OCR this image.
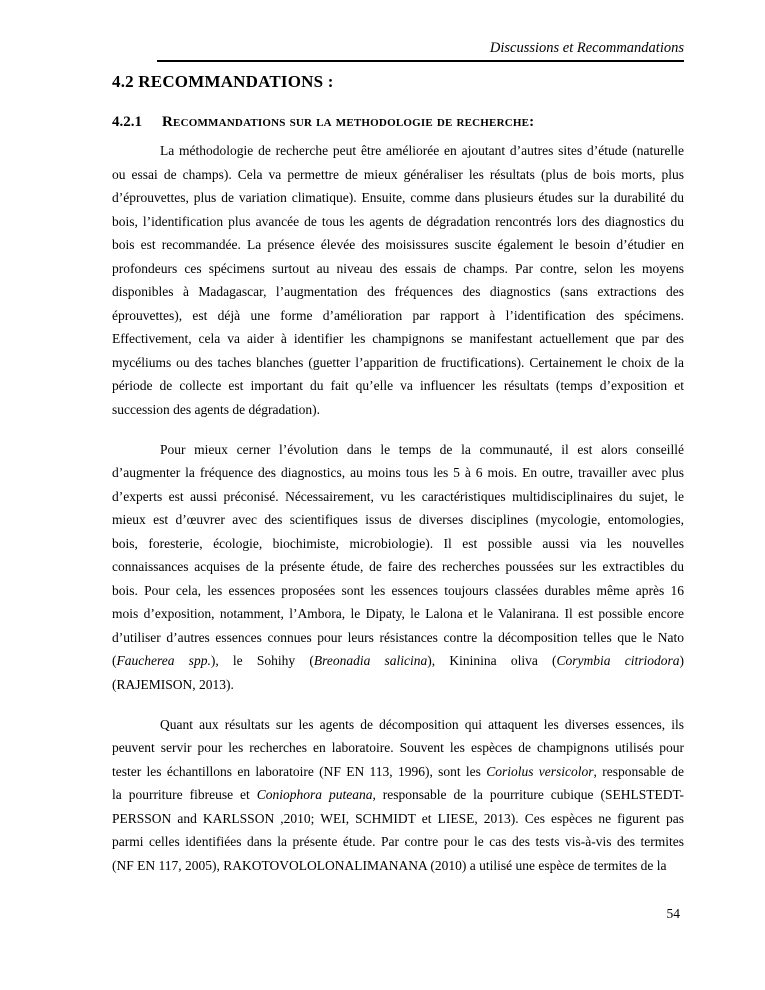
Discussions et Recommandations
4.2 RECOMMANDATIONS :
4.2.1 Recommandations sur la methodologie de recherche:
La méthodologie de recherche peut être améliorée en ajoutant d’autres sites d’étude (naturelle
ou essai de champs). Cela va permettre de mieux généraliser les résultats (plus de bois morts, plus
d’éprouvettes, plus de variation climatique). Ensuite, comme dans plusieurs études sur la durabilité du
bois, l’identification plus avancée de tous les agents de dégradation rencontrés lors des diagnostics du
bois est recommandée. La présence élevée des moisissures suscite également le besoin d’étudier en
profondeurs ces spécimens surtout au niveau des essais de champs. Par contre, selon les moyens
disponibles à Madagascar, l’augmentation des fréquences des diagnostics (sans extractions des
éprouvettes), est déjà une forme d’amélioration par rapport à l’identification des spécimens.
Effectivement, cela va aider à identifier les champignons se manifestant actuellement que par des
mycéliums ou des taches blanches (guetter l’apparition de fructifications). Certainement le choix de la
période de collecte est important du fait qu’elle va influencer les résultats (temps d’exposition et
succession des agents de dégradation).
Pour mieux cerner l’évolution dans le temps de la communauté, il est alors conseillé
d’augmenter la fréquence des diagnostics, au moins tous les 5 à 6 mois. En outre, travailler avec plus
d’experts est aussi préconisé. Nécessairement, vu les caractéristiques multidisciplinaires du sujet, le
mieux est d’œuvrer avec des scientifiques issus de diverses disciplines (mycologie, entomologies,
bois, foresterie, écologie, biochimiste, microbiologie). Il est possible aussi via les nouvelles
connaissances acquises de la présente étude, de faire des recherches poussées sur les extractibles du
bois. Pour cela, les essences proposées sont les essences toujours classées durables même après 16
mois d’exposition, notamment, l’Ambora, le Dipaty, le Lalona et le Valanirana. Il est possible encore
d’utiliser d’autres essences connues pour leurs résistances contre la décomposition telles que le Nato
(Faucherea spp.), le Sohihy (Breonadia salicina), Kininina oliva (Corymbia citriodora)
(RAJEMISON, 2013).
Quant aux résultats sur les agents de décomposition qui attaquent les diverses essences, ils
peuvent servir pour les recherches en laboratoire. Souvent les espèces de champignons utilisés pour
tester les échantillons en laboratoire (NF EN 113, 1996), sont les Coriolus versicolor, responsable de
la pourriture fibreuse et Coniophora puteana, responsable de la pourriture cubique (SEHLSTEDT-
PERSSON and KARLSSON ,2010; WEI, SCHMIDT et LIESE, 2013). Ces espèces ne figurent pas
parmi celles identifiées dans la présente étude. Par contre pour le cas des tests vis-à-vis des termites
(NF EN 117, 2005), RAKOTOVOLOLONALIMANANA (2010) a utilisé une espèce de termites de la
54
